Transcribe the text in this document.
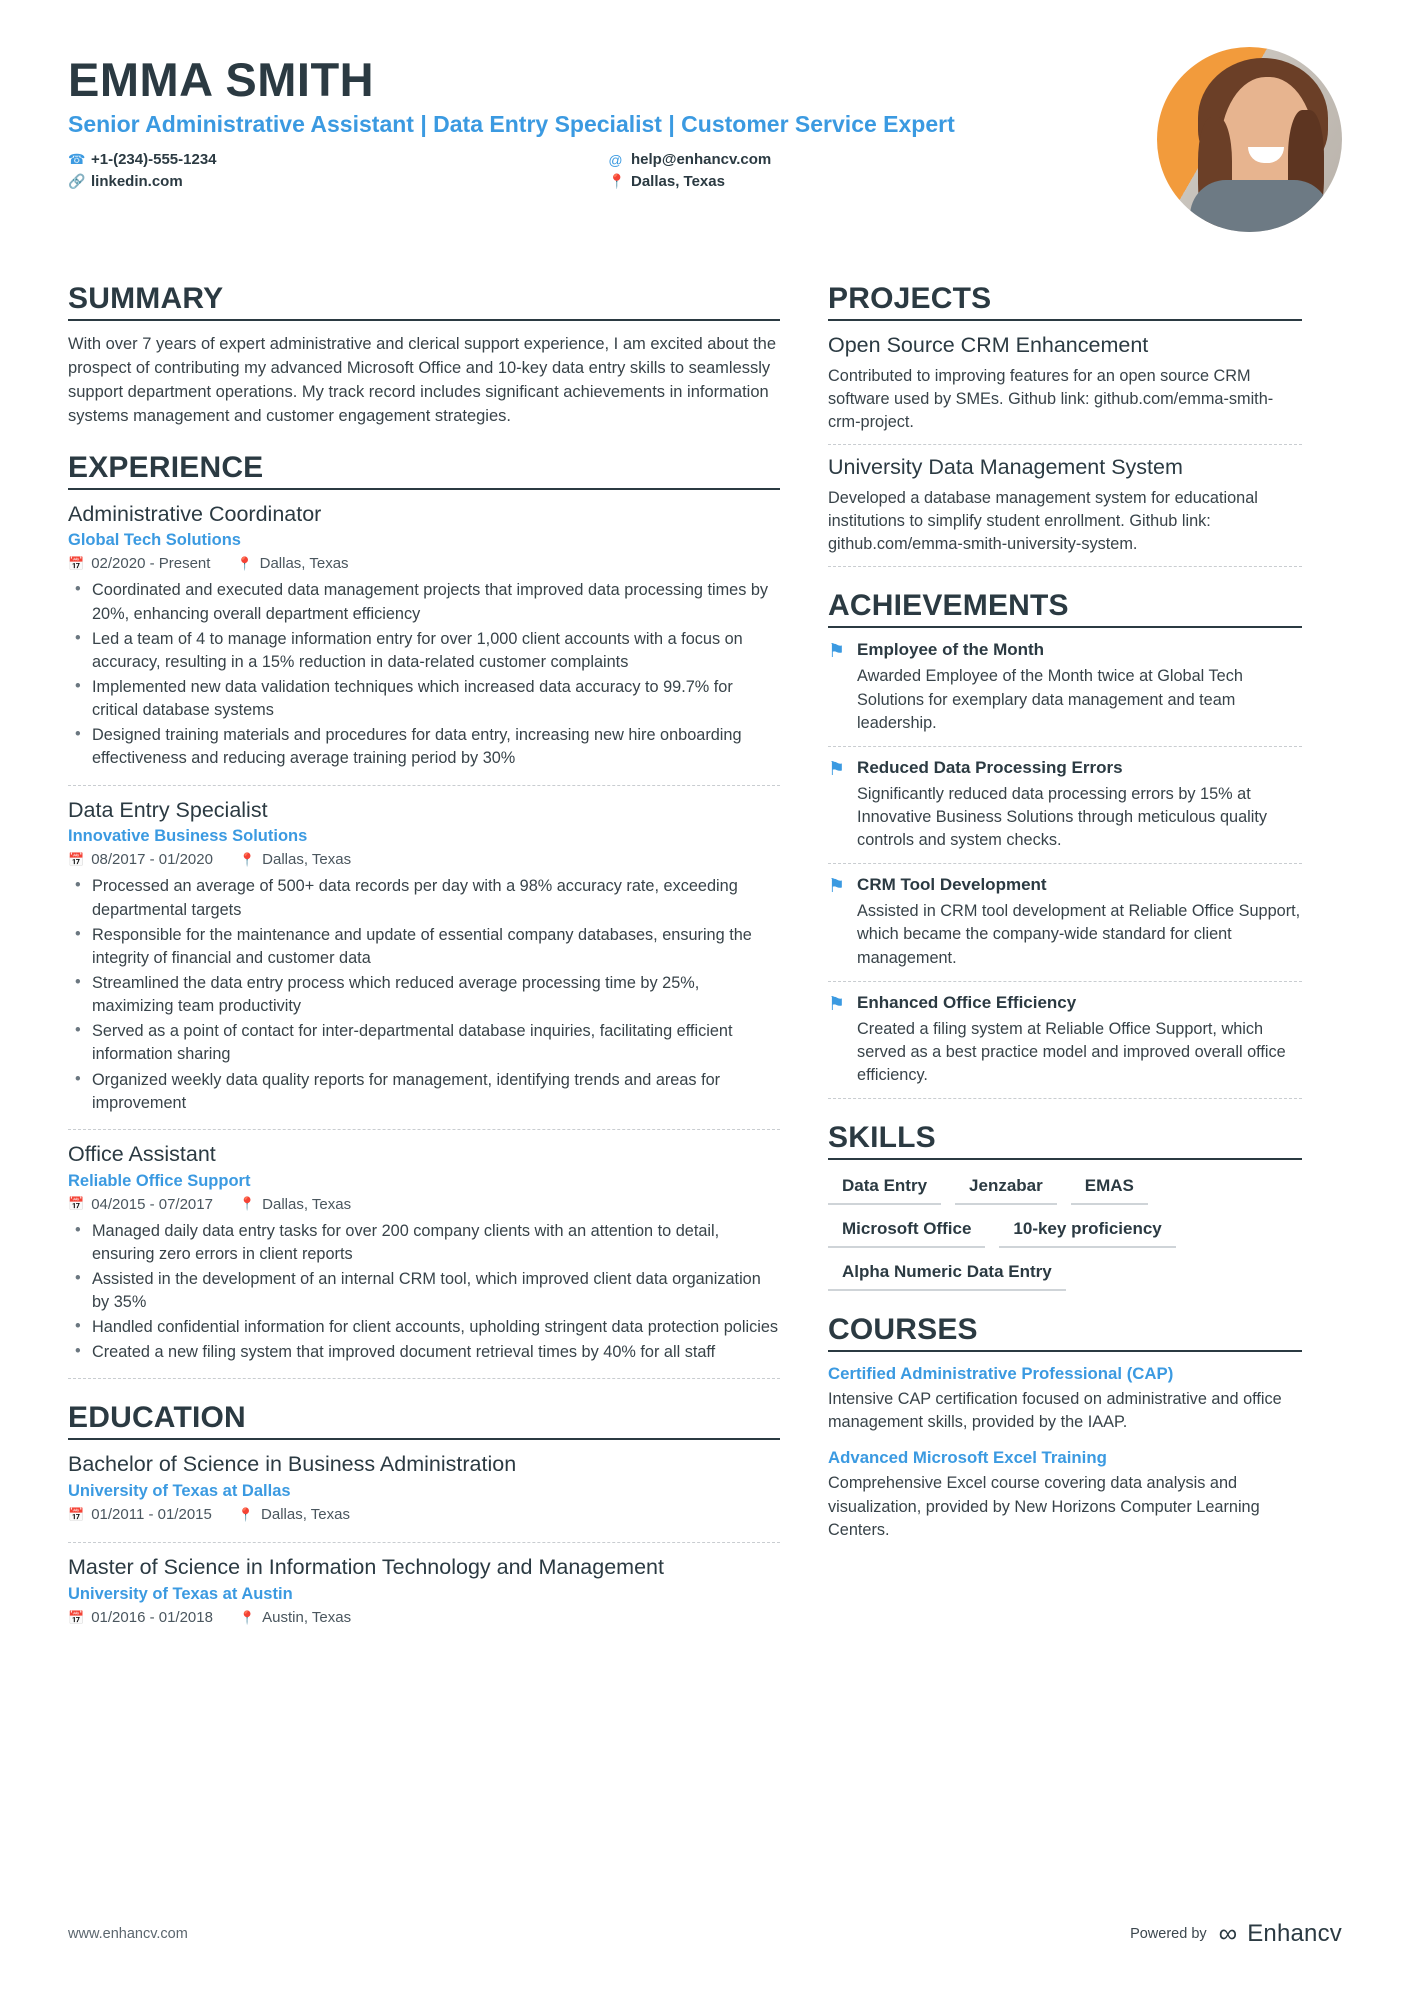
EMMA SMITH
Senior Administrative Assistant | Data Entry Specialist | Customer Service Expert
☎ +1-(234)-555-1234	@ help@enhancv.com
🔗 linkedin.com	📍 Dallas, Texas
SUMMARY

With over 7 years of expert administrative and clerical support experience, I am excited about the prospect of contributing my advanced Microsoft Office and 10-key data entry skills to seamlessly support department operations. My track record includes significant achievements in information systems management and customer engagement strategies.

EXPERIENCE
Administrative Coordinator
Global Tech Solutions
📅 02/2020 - Present 📍 Dallas, Texas
• Coordinated and executed data management projects that improved data processing times by 20%, enhancing overall department efficiency
• Led a team of 4 to manage information entry for over 1,000 client accounts with a focus on accuracy, resulting in a 15% reduction in data-related customer complaints
• Implemented new data validation techniques which increased data accuracy to 99.7% for critical database systems
• Designed training materials and procedures for data entry, increasing new hire onboarding effectiveness and reducing average training period by 30%
Data Entry Specialist
Innovative Business Solutions
📅 08/2017 - 01/2020 📍 Dallas, Texas
• Processed an average of 500+ data records per day with a 98% accuracy rate, exceeding departmental targets
• Responsible for the maintenance and update of essential company databases, ensuring the integrity of financial and customer data
• Streamlined the data entry process which reduced average processing time by 25%, maximizing team productivity
• Served as a point of contact for inter-departmental database inquiries, facilitating efficient information sharing
• Organized weekly data quality reports for management, identifying trends and areas for improvement
Office Assistant
Reliable Office Support
📅 04/2015 - 07/2017 📍 Dallas, Texas
• Managed daily data entry tasks for over 200 company clients with an attention to detail, ensuring zero errors in client reports
• Assisted in the development of an internal CRM tool, which improved client data organization by 35%
• Handled confidential information for client accounts, upholding stringent data protection policies
• Created a new filing system that improved document retrieval times by 40% for all staff
EDUCATION
Bachelor of Science in Business Administration
University of Texas at Dallas
📅 01/2011 - 01/2015 📍 Dallas, Texas
Master of Science in Information Technology and Management
University of Texas at Austin
📅 01/2016 - 01/2018 📍 Austin, Texas
PROJECTS
Open Source CRM Enhancement
Contributed to improving features for an open source CRM software used by SMEs. Github link: github.com/emma-smith-crm-project.
University Data Management System
Developed a database management system for educational institutions to simplify student enrollment. Github link: github.com/emma-smith-university-system.
ACHIEVEMENTS
⚑ Employee of the Month
Awarded Employee of the Month twice at Global Tech Solutions for exemplary data management and team leadership.
⚑ Reduced Data Processing Errors
Significantly reduced data processing errors by 15% at Innovative Business Solutions through meticulous quality controls and system checks.
⚑ CRM Tool Development
Assisted in CRM tool development at Reliable Office Support, which became the company-wide standard for client management.
⚑ Enhanced Office Efficiency
Created a filing system at Reliable Office Support, which served as a best practice model and improved overall office efficiency.
SKILLS
Data Entry	Jenzabar	EMAS
Microsoft Office	10-key proficiency
Alpha Numeric Data Entry
COURSES
Certified Administrative Professional (CAP)
Intensive CAP certification focused on administrative and office management skills, provided by the IAAP.
Advanced Microsoft Excel Training
Comprehensive Excel course covering data analysis and visualization, provided by New Horizons Computer Learning Centers.
www.enhancv.com	Powered by ∞ Enhancv
